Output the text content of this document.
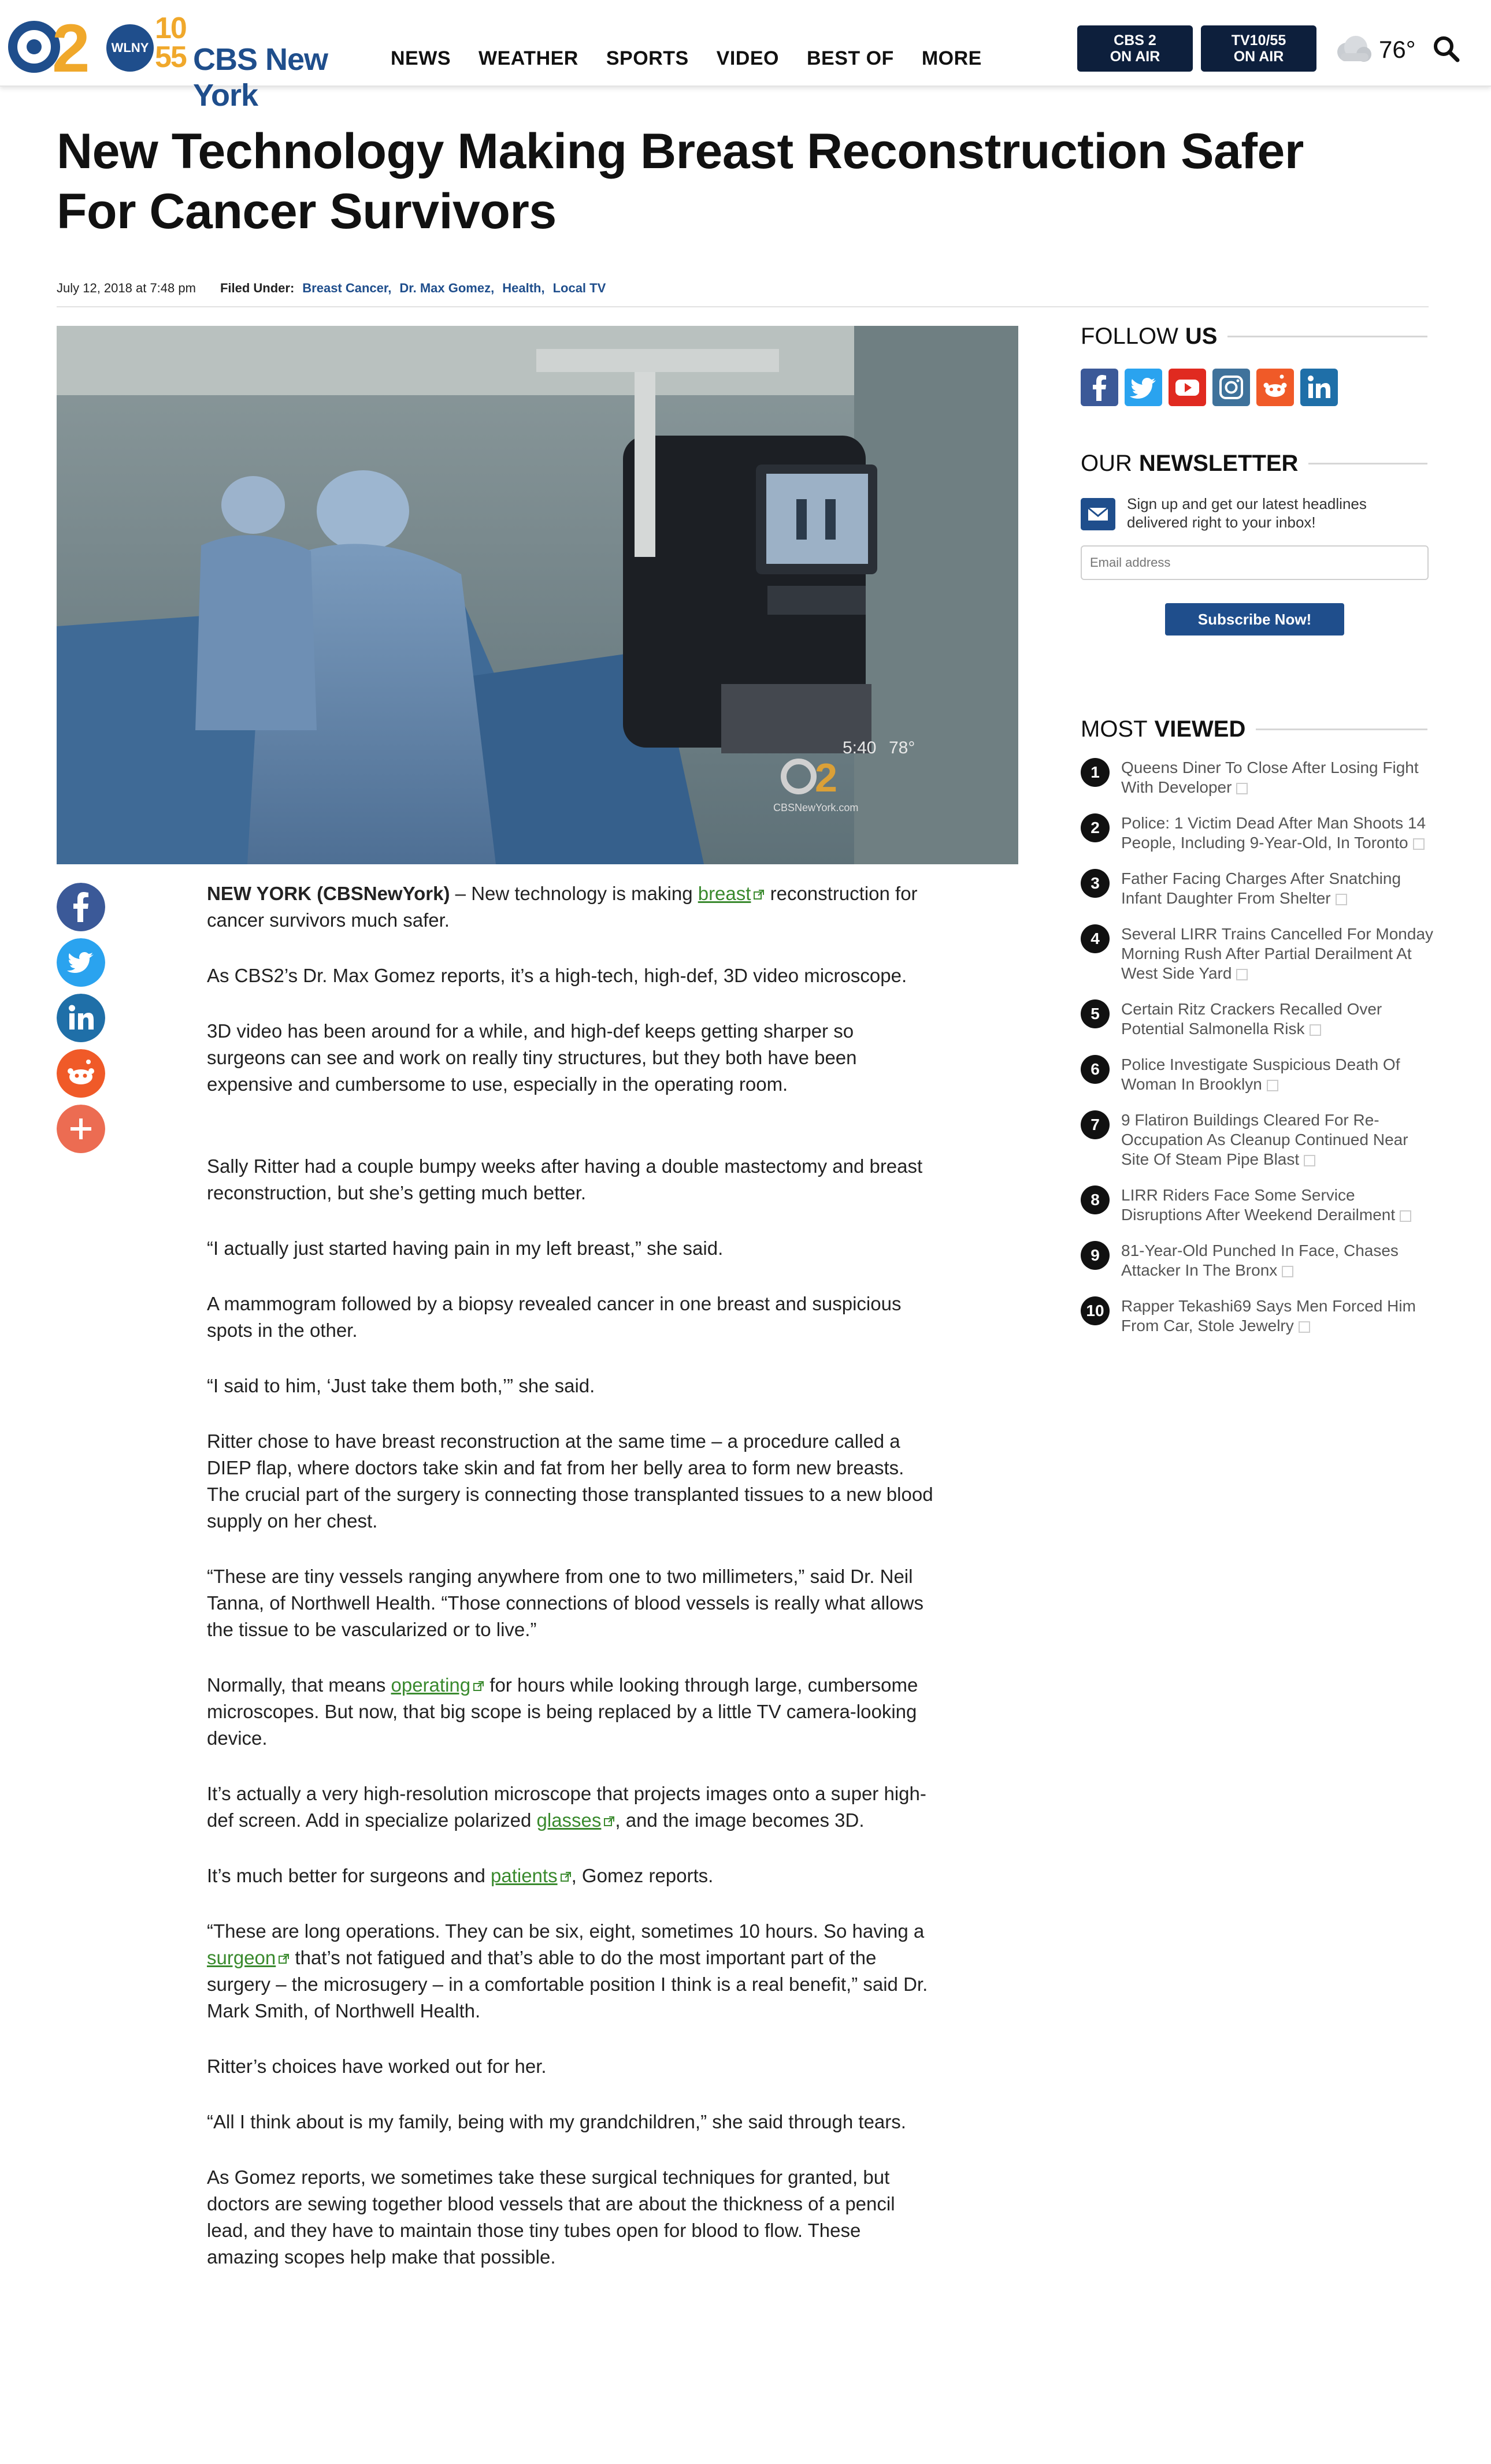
2	WLNY
10
55 CBS New York
NEWS WEATHER SPORTS VIDEO BEST OF MORE
CBS 2
ON AIR
TV10/55
ON AIR	76°
New Technology Making Breast Reconstruction Safer For Cancer Survivors
July 12, 2018 at 7:48 pm Filed Under: Breast Cancer, Dr. Max Gomez, Health, Local TV
5:40 78°
2
CBSNewYork.com

NEW YORK (CBSNewYork) – New technology is making breast reconstruction for cancer survivors much safer.

As CBS2’s Dr. Max Gomez reports, it’s a high-tech, high-def, 3D video microscope.

3D video has been around for a while, and high-def keeps getting sharper so surgeons can see and work on really tiny structures, but they both have been expensive and cumbersome to use, especially in the operating room.

Sally Ritter had a couple bumpy weeks after having a double mastectomy and breast reconstruction, but she’s getting much better.

“I actually just started having pain in my left breast,” she said.

A mammogram followed by a biopsy revealed cancer in one breast and suspicious spots in the other.

“I said to him, ‘Just take them both,’” she said.

Ritter chose to have breast reconstruction at the same time – a procedure called a DIEP flap, where doctors take skin and fat from her belly area to form new breasts. The crucial part of the surgery is connecting those transplanted tissues to a new blood supply on her chest.

“These are tiny vessels ranging anywhere from one to two millimeters,” said Dr. Neil Tanna, of Northwell Health. “Those connections of blood vessels is really what allows the tissue to be vascularized or to live.”

Normally, that means operating for hours while looking through large, cumbersome microscopes. But now, that big scope is being replaced by a little TV camera-looking device.

It’s actually a very high-resolution microscope that projects images onto a super high-def screen. Add in specialize polarized glasses , and the image becomes 3D.

It’s much better for surgeons and patients , Gomez reports.

“These are long operations. They can be six, eight, sometimes 10 hours. So having a surgeon that’s not fatigued and that’s able to do the most important part of the surgery – the microsugery – in a comfortable position I think is a real benefit,” said Dr. Mark Smith, of Northwell Health.

Ritter’s choices have worked out for her.

“All I think about is my family, being with my grandchildren,” she said through tears.

As Gomez reports, we sometimes take these surgical techniques for granted, but doctors are sewing together blood vessels that are about the thickness of a pencil lead, and they have to maintain those tiny tubes open for blood to flow. These amazing scopes help make that possible.

FOLLOW US
OUR NEWSLETTER
Sign up and get our latest headlines delivered right to your inbox!
Email address
Subscribe Now!
MOST VIEWED
1	Queens Diner To Close After Losing Fight With Developer
2	Police: 1 Victim Dead After Man Shoots 14 People, Including 9-Year-Old, In Toronto
3	Father Facing Charges After Snatching Infant Daughter From Shelter
4	Several LIRR Trains Cancelled For Monday Morning Rush After Partial Derailment At West Side Yard
5	Certain Ritz Crackers Recalled Over Potential Salmonella Risk
6	Police Investigate Suspicious Death Of Woman In Brooklyn
7	9 Flatiron Buildings Cleared For Re-Occupation As Cleanup Continued Near Site Of Steam Pipe Blast
8	LIRR Riders Face Some Service Disruptions After Weekend Derailment
9	81-Year-Old Punched In Face, Chases Attacker In The Bronx
10	Rapper Tekashi69 Says Men Forced Him From Car, Stole Jewelry
